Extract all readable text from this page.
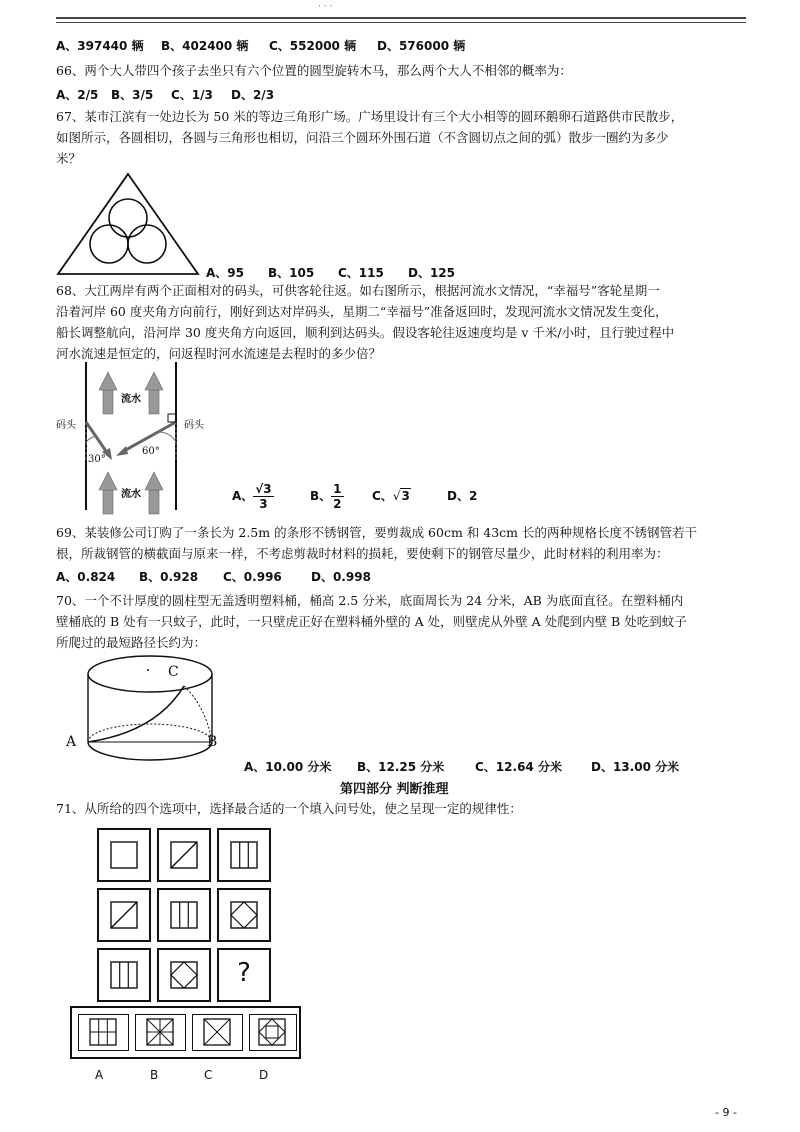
· · ·
A、397440 辆 B、402400 辆 C、552000 辆 D、576000 辆
66、两个大人带四个孩子去坐只有六个位置的圆型旋转木马，那么两个大人不相邻的概率为：
A、2/5 B、3/5 C、1/3 D、2/3
67、某市江滨有一处边长为 50 米的等边三角形广场。广场里设计有三个大小相等的圆环鹅卵石道路供市民散步，
如图所示，各圆相切，各圆与三角形也相切，问沿三个圆环外围石道（不含圆切点之间的弧）散步一圈约为多少
米？
A、95 B、105 C、115 D、125
68、大江两岸有两个正面相对的码头，可供客轮往返。如右图所示，根据河流水文情况，“幸福号”客轮星期一
沿着河岸 60 度夹角方向前行，刚好到达对岸码头，星期二“幸福号”准备返回时，发现河流水文情况发生变化，
船长调整航向，沿河岸 30 度夹角方向返回，顺利到达码头。假设客轮往返速度均是 v 千米/小时，且行驶过程中
河水流速是恒定的，问返程时河水流速是去程时的多少倍？
流水
流水
码头	码头
30°
60°
A、 $\frac{√3}{3}$	B、 $\frac{1}{2}$ C、√3	D、2
69、某装修公司订购了一条长为 2.5m 的条形不锈钢管，要剪裁成 60cm 和 43cm 长的两种规格长度不锈钢管若干
根，所裁钢管的横截面与原来一样，不考虑剪裁时材料的损耗，要使剩下的钢管尽量少，此时材料的利用率为：
A、0.824 B、0.928 C、0.996 D、0.998
70、一个不计厚度的圆柱型无盖透明塑料桶，桶高 2.5 分米，底面周长为 24 分米，AB 为底面直径。在塑料桶内
壁桶底的 B 处有一只蚊子，此时，一只壁虎正好在塑料桶外壁的 A 处，则壁虎从外壁 A 处爬到内壁 B 处吃到蚊子
所爬过的最短路径长约为：
A	B
C
A、10.00 分米 B、12.25 分米	C、12.64 分米 D、13.00 分米
第四部分 判断推理
71、从所给的四个选项中，选择最合适的一个填入问号处，使之呈现一定的规律性：
?
A	B	C	D
- 9 -
